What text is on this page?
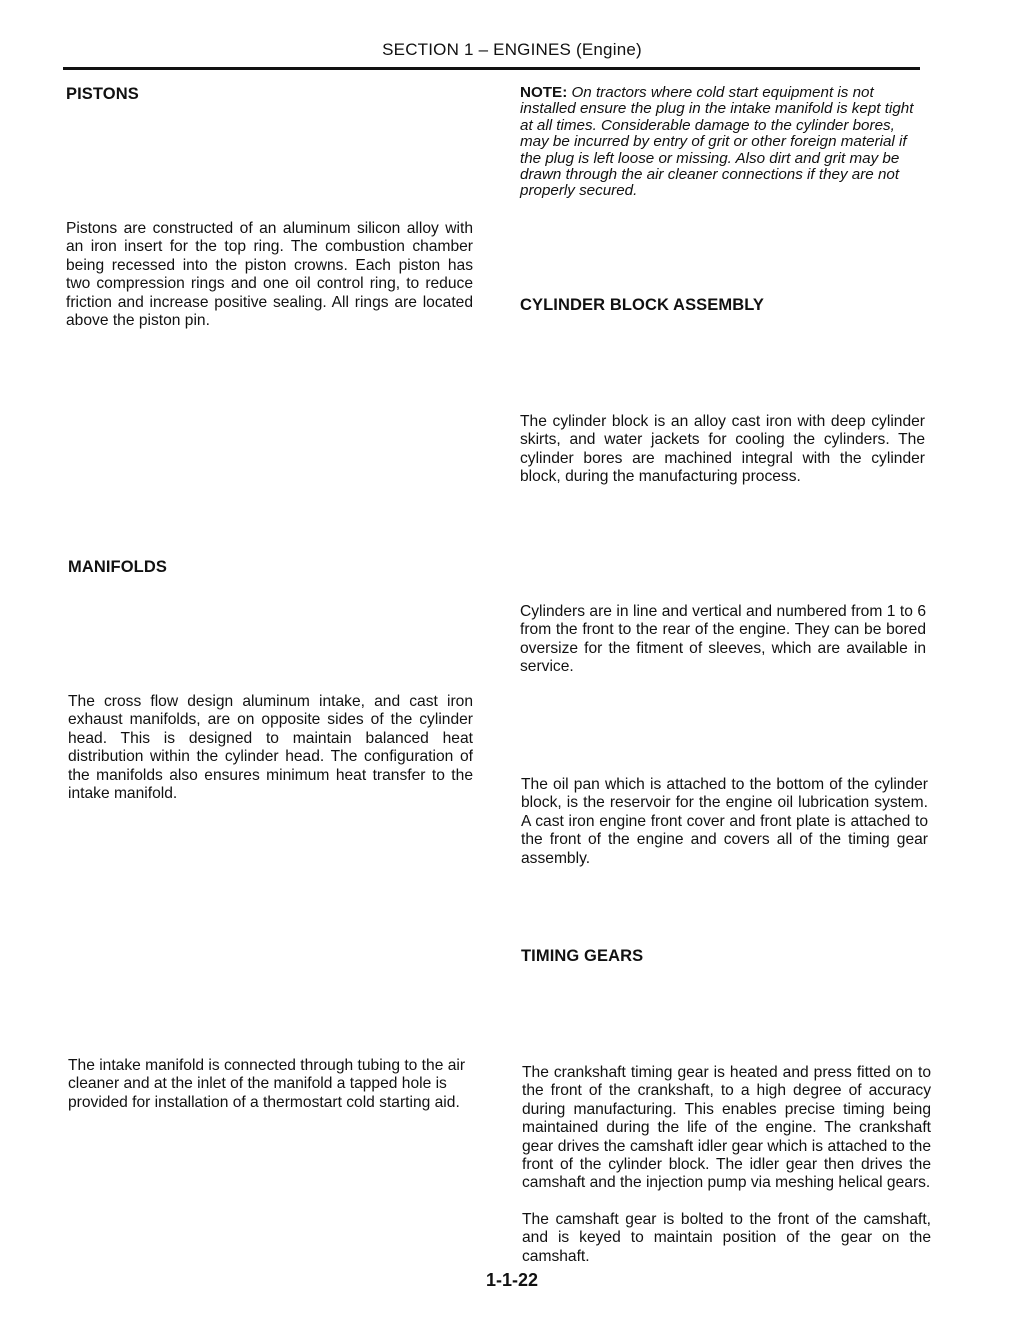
SECTION 1 – ENGINES (Engine)
PISTONS
Pistons are constructed of an aluminum silicon alloy with an iron insert for the top ring. The combustion chamber being recessed into the piston crowns. Each piston has two compression rings and one oil control ring, to reduce friction and increase positive sealing. All rings are located above the piston pin.
MANIFOLDS
The cross flow design aluminum intake, and cast iron exhaust manifolds, are on opposite sides of the cylinder head. This is designed to maintain balanced heat distribution within the cylinder head. The configuration of the manifolds also ensures minimum heat transfer to the intake manifold.
The intake manifold is connected through tubing to the air cleaner and at the inlet of the manifold a tapped hole is provided for installation of a thermostart cold starting aid.
NOTE: On tractors where cold start equipment is not installed ensure the plug in the intake manifold is kept tight at all times. Considerable damage to the cylinder bores, may be incurred by entry of grit or other foreign material if the plug is left loose or missing. Also dirt and grit may be drawn through the air cleaner connections if they are not properly secured.
CYLINDER BLOCK ASSEMBLY
The cylinder block is an alloy cast iron with deep cylinder skirts, and water jackets for cooling the cylinders. The cylinder bores are machined integral with the cylinder block, during the manufacturing process.
Cylinders are in line and vertical and numbered from 1 to 6 from the front to the rear of the engine. They can be bored oversize for the fitment of sleeves, which are available in service.
The oil pan which is attached to the bottom of the cylinder block, is the reservoir for the engine oil lubrication system. A cast iron engine front cover and front plate is attached to the front of the engine and covers all of the timing gear assembly.
TIMING GEARS
The crankshaft timing gear is heated and press fitted on to the front of the crankshaft, to a high degree of accuracy during manufacturing. This enables precise timing being maintained during the life of the engine. The crankshaft gear drives the camshaft idler gear which is attached to the front of the cylinder block. The idler gear then drives the camshaft and the injection pump via meshing helical gears.
The camshaft gear is bolted to the front of the camshaft, and is keyed to maintain position of the gear on the camshaft.
1-1-22
